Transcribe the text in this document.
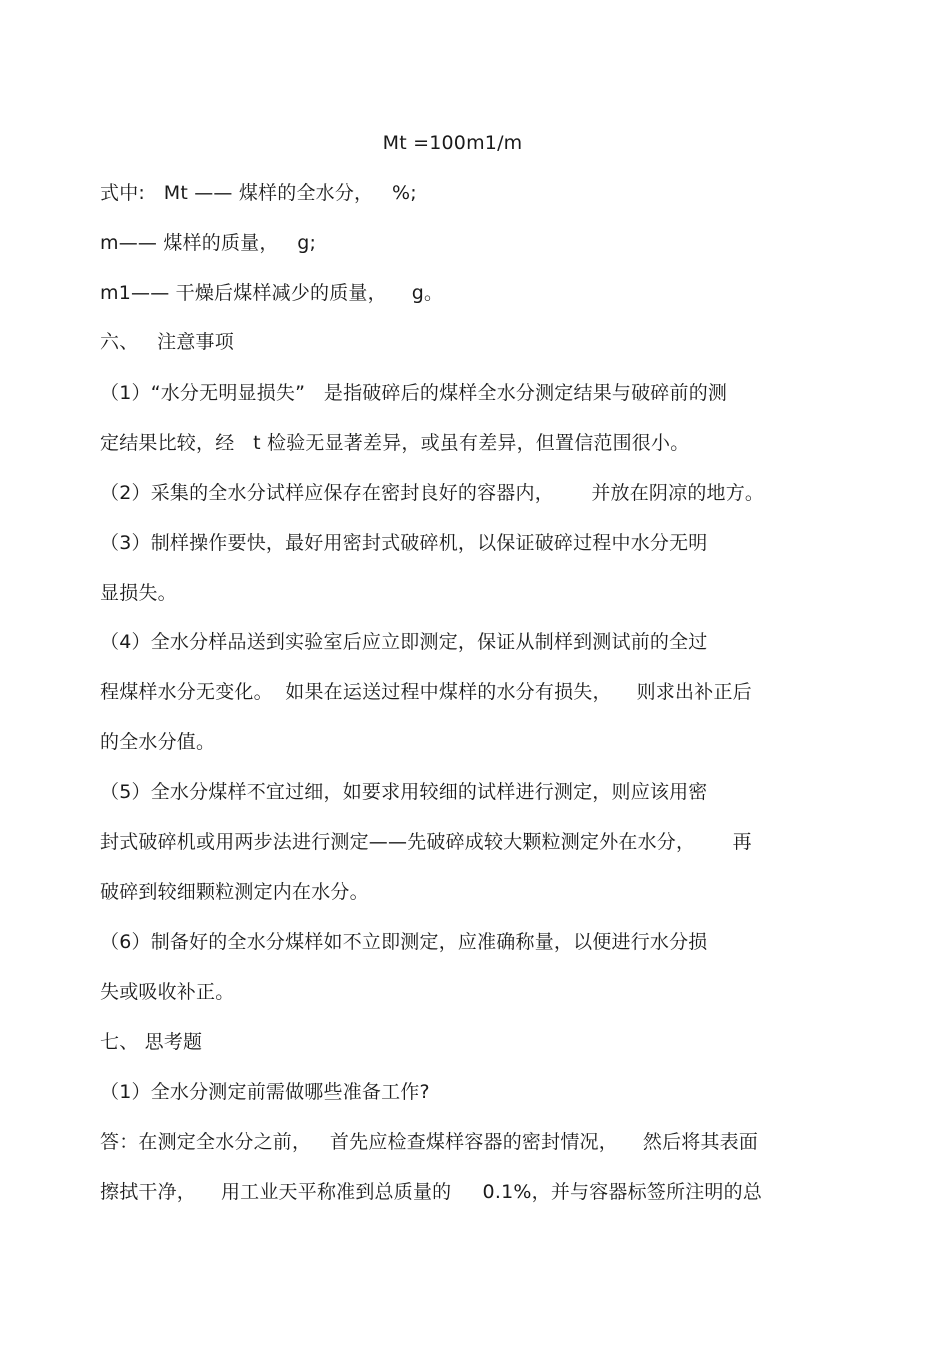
Mt =100m1/m
式中:   Mt —— 煤样的全水分，   %;
m—— 煤样的质量，   g;
m1—— 干燥后煤样减少的质量，    g。
六、   注意事项
（1）“水分无明显损失”   是指破碎后的煤样全水分测定结果与破碎前的测
定结果比较，经   t 检验无显著差异，或虽有差异，但置信范围很小。
（2）采集的全水分试样应保存在密封良好的容器内，      并放在阴凉的地方。
（3）制样操作要快，最好用密封式破碎机，以保证破碎过程中水分无明
显损失。
（4）全水分样品送到实验室后应立即测定，保证从制样到测试前的全过
程煤样水分无变化。  如果在运送过程中煤样的水分有损失，    则求出补正后
的全水分值。
（5）全水分煤样不宜过细，如要求用较细的试样进行测定，则应该用密
封式破碎机或用两步法进行测定——先破碎成较大颗粒测定外在水分，      再
破碎到较细颗粒测定内在水分。
（6）制备好的全水分煤样如不立即测定，应准确称量，以便进行水分损
失或吸收补正。
七、 思考题
（1）全水分测定前需做哪些准备工作?
答：在测定全水分之前，   首先应检查煤样容器的密封情况，    然后将其表面
擦拭干净，    用工业天平称准到总质量的     0.1%，并与容器标签所注明的总
